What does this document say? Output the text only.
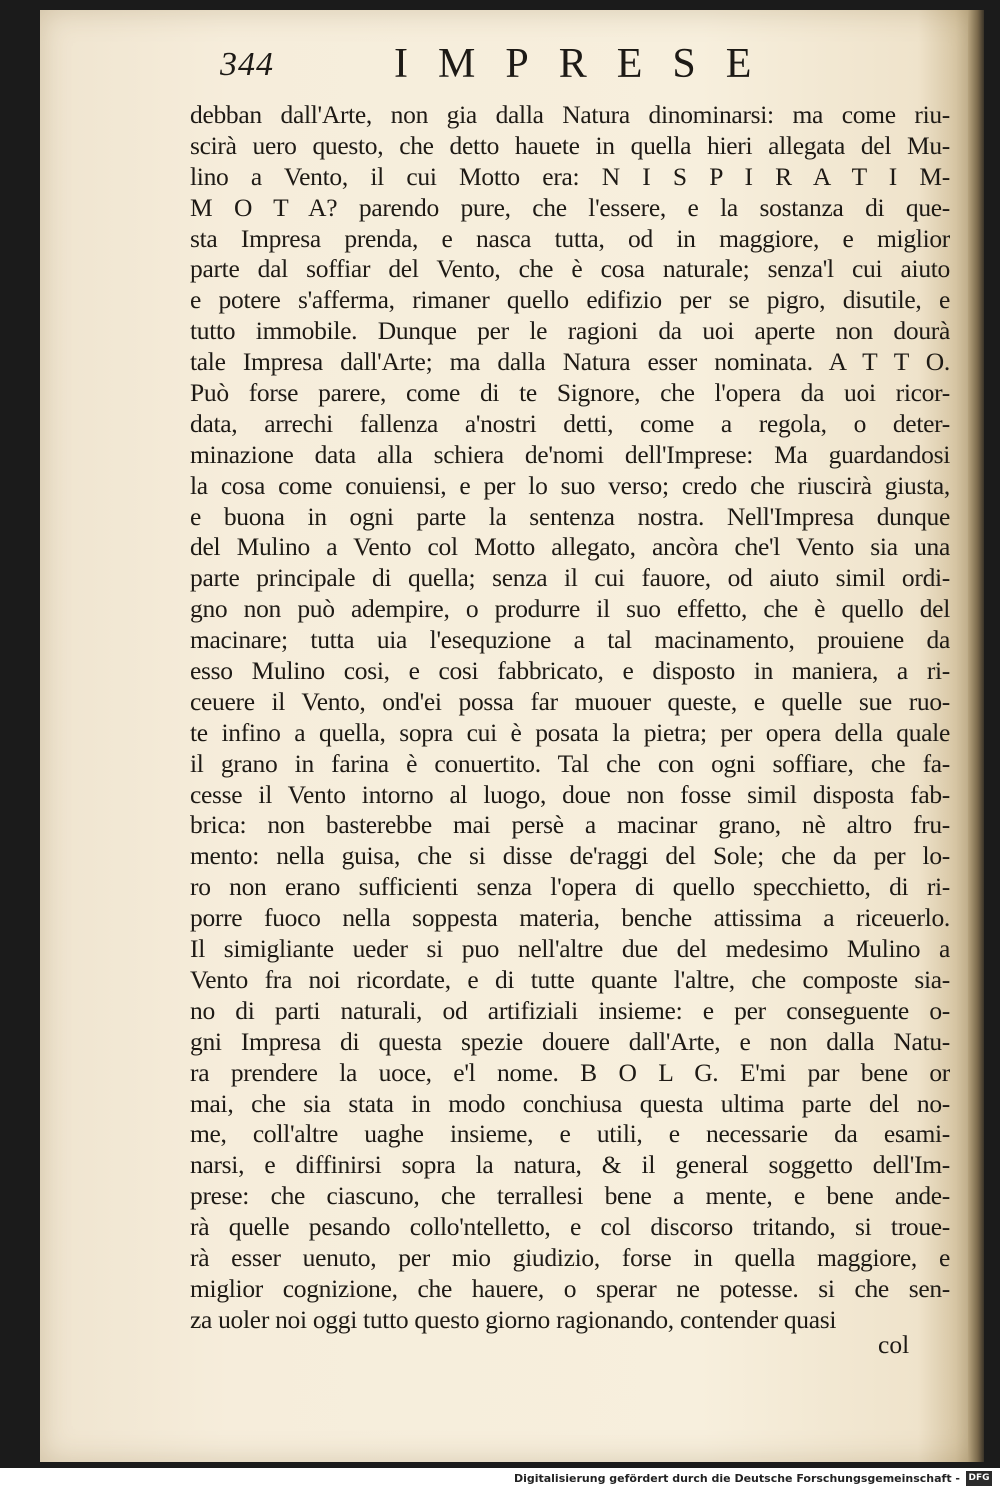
344	IMPRESE
debban dall'Arte, non gia dalla Natura dinominarsi: ma come riu-
scirà uero questo, che detto hauete in quella hieri allegata del Mu-
lino a Vento, il cui Motto era: N I S P I R A T I M-
M O T A? parendo pure, che l'essere, e la sostanza di que-
sta Impresa prenda, e nasca tutta, od in maggiore, e miglior
parte dal soffiar del Vento, che è cosa naturale; senza'l cui aiuto
e potere s'afferma, rimaner quello edifizio per se pigro, disutile, e
tutto immobile. Dunque per le ragioni da uoi aperte non dourà
tale Impresa dall'Arte; ma dalla Natura esser nominata. A T T O.
Può forse parere, come di te Signore, che l'opera da uoi ricor-
data, arrechi fallenza a'nostri detti, come a regola, o deter-
minazione data alla schiera de'nomi dell'Imprese: Ma guardandosi
la cosa come conuiensi, e per lo suo verso; credo che riuscirà giusta,
e buona in ogni parte la sentenza nostra. Nell'Impresa dunque
del Mulino a Vento col Motto allegato, ancòra che'l Vento sia una
parte principale di quella; senza il cui fauore, od aiuto simil ordi-
gno non può adempire, o produrre il suo effetto, che è quello del
macinare; tutta uia l'esequzione a tal macinamento, prouiene da
esso Mulino cosi, e cosi fabbricato, e disposto in maniera, a ri-
ceuere il Vento, ond'ei possa far muouer queste, e quelle sue ruo-
te infino a quella, sopra cui è posata la pietra; per opera della quale
il grano in farina è conuertito. Tal che con ogni soffiare, che fa-
cesse il Vento intorno al luogo, doue non fosse simil disposta fab-
brica: non basterebbe mai persè a macinar grano, nè altro fru-
mento: nella guisa, che si disse de'raggi del Sole; che da per lo-
ro non erano sufficienti senza l'opera di quello specchietto, di ri-
porre fuoco nella soppesta materia, benche attissima a riceuerlo.
Il simigliante ueder si puo nell'altre due del medesimo Mulino a
Vento fra noi ricordate, e di tutte quante l'altre, che composte sia-
no di parti naturali, od artifiziali insieme: e per conseguente o-
gni Impresa di questa spezie douere dall'Arte, e non dalla Natu-
ra prendere la uoce, e'l nome. B O L G. E'mi par bene or
mai, che sia stata in modo conchiusa questa ultima parte del no-
me, coll'altre uaghe insieme, e utili, e necessarie da esami-
narsi, e diffinirsi sopra la natura, & il general soggetto dell'Im-
prese: che ciascuno, che terrallesi bene a mente, e bene ande-
rà quelle pesando collo'ntelletto, e col discorso tritando, si troue-
rà esser uenuto, per mio giudizio, forse in quella maggiore, e
miglior cognizione, che hauere, o sperar ne potesse. si che sen-
za uoler noi oggi tutto questo giorno ragionando, contender quasi
col
Digitalisierung gefördert durch die Deutsche Forschungsgemeinschaft - DFG
